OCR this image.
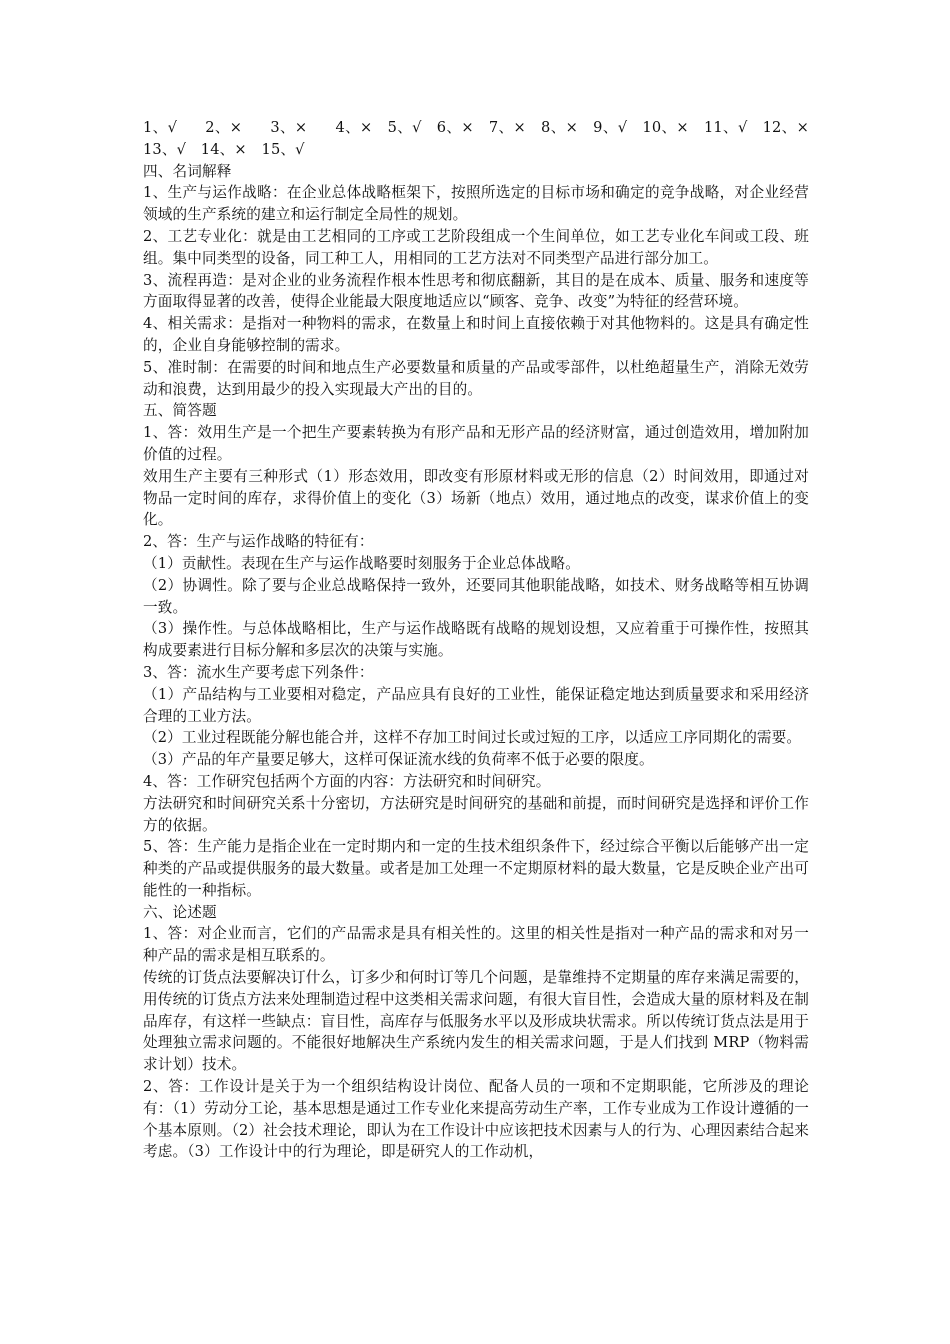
1、√　 2、×　 3、×　 4、×　5、√　6、×　7、×　8、×　9、√　10、×　11、√　12、×　13、√　14、×　15、√

四、名词解释

1、生产与运作战略：在企业总体战略框架下，按照所选定的目标市场和确定的竞争战略，对企业经营领域的生产系统的建立和运行制定全局性的规划。

2、工艺专业化：就是由工艺相同的工序或工艺阶段组成一个生间单位，如工艺专业化车间或工段、班组。集中同类型的设备，同工种工人，用相同的工艺方法对不同类型产品进行部分加工。

3、流程再造：是对企业的业务流程作根本性思考和彻底翻新，其目的是在成本、质量、服务和速度等方面取得显著的改善，使得企业能最大限度地适应以“顾客、竞争、改变”为特征的经营环境。

4、相关需求：是指对一种物料的需求，在数量上和时间上直接依赖于对其他物料的。这是具有确定性的，企业自身能够控制的需求。

5、准时制：在需要的时间和地点生产必要数量和质量的产品或零部件，以杜绝超量生产，消除无效劳动和浪费，达到用最少的投入实现最大产出的目的。

五、简答题

1、答：效用生产是一个把生产要素转换为有形产品和无形产品的经济财富，通过创造效用，增加附加价值的过程。

效用生产主要有三种形式（1）形态效用，即改变有形原材料或无形的信息（2）时间效用，即通过对物品一定时间的库存，求得价值上的变化（3）场新（地点）效用，通过地点的改变，谋求价值上的变化。

2、答：生产与运作战略的特征有：

（1）贡献性。表现在生产与运作战略要时刻服务于企业总体战略。

（2）协调性。除了要与企业总战略保持一致外，还要同其他职能战略，如技术、财务战略等相互协调一致。

（3）操作性。与总体战略相比，生产与运作战略既有战略的规划设想，又应着重于可操作性，按照其构成要素进行目标分解和多层次的决策与实施。

3、答：流水生产要考虑下列条件：

（1）产品结构与工业要相对稳定，产品应具有良好的工业性，能保证稳定地达到质量要求和采用经济合理的工业方法。

（2）工业过程既能分解也能合并，这样不存加工时间过长或过短的工序，以适应工序同期化的需要。

（3）产品的年产量要足够大，这样可保证流水线的负荷率不低于必要的限度。

4、答：工作研究包括两个方面的内容：方法研究和时间研究。

方法研究和时间研究关系十分密切，方法研究是时间研究的基础和前提，而时间研究是选择和评价工作方的依据。

5、答：生产能力是指企业在一定时期内和一定的生技术组织条件下，经过综合平衡以后能够产出一定种类的产品或提供服务的最大数量。或者是加工处理一不定期原材料的最大数量，它是反映企业产出可能性的一种指标。

六、论述题

1、答：对企业而言，它们的产品需求是具有相关性的。这里的相关性是指对一种产品的需求和对另一种产品的需求是相互联系的。

传统的订货点法要解决订什么，订多少和何时订等几个问题，是靠维持不定期量的库存来满足需要的，用传统的订货点方法来处理制造过程中这类相关需求问题，有很大盲目性，会造成大量的原材料及在制品库存，有这样一些缺点：盲目性，高库存与低服务水平以及形成块状需求。所以传统订货点法是用于处理独立需求问题的。不能很好地解决生产系统内发生的相关需求问题，于是人们找到 MRP（物料需求计划）技术。

2、答：工作设计是关于为一个组织结构设计岗位、配备人员的一项和不定期职能，它所涉及的理论有：（1）劳动分工论，基本思想是通过工作专业化来提高劳动生产率，工作专业成为工作设计遵循的一个基本原则。（2）社会技术理论，即认为在工作设计中应该把技术因素与人的行为、心理因素结合起来考虑。（3）工作设计中的行为理论，即是研究人的工作动机，
